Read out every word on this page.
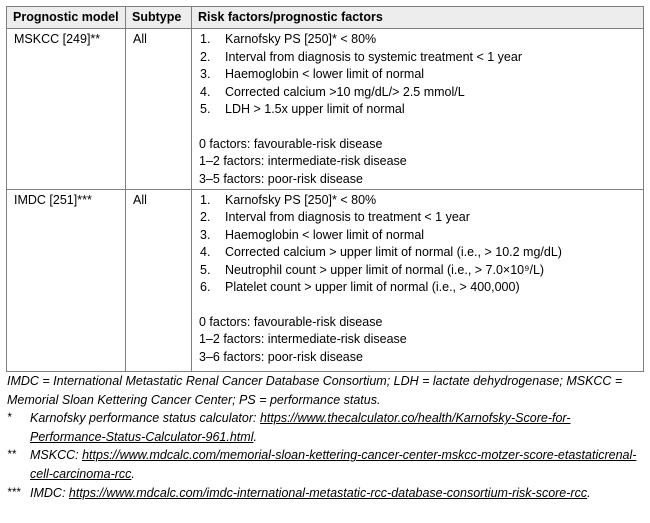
Prognostic model	Subtype	Risk factors/prognostic factors
MSKCC [249]**	All	Karnofsky PS [250]* < 80%
Interval from diagnosis to systemic treatment < 1 year
Haemoglobin < lower limit of normal
Corrected calcium >10 mg/dL/> 2.5 mmol/L
LDH > 1.5x upper limit of normal
0 factors: favourable-risk disease
1–2 factors: intermediate-risk disease
3–5 factors: poor-risk disease

IMDC [251]***	All	Karnofsky PS [250]* < 80%
Interval from diagnosis to treatment < 1 year
Haemoglobin < lower limit of normal
Corrected calcium > upper limit of normal (i.e., > 10.2 mg/dL)
Neutrophil count > upper limit of normal (i.e., > 7.0×10⁹/L)
Platelet count > upper limit of normal (i.e., > 400,000)
0 factors: favourable-risk disease
1–2 factors: intermediate-risk disease
3–6 factors: poor-risk disease

IMDC = International Metastatic Renal Cancer Database Consortium; LDH = lactate dehydrogenase; MSKCC = Memorial Sloan Kettering Cancer Center; PS = performance status.

*	Karnofsky performance status calculator: https://www.thecalculator.co/health/Karnofsky-Score-for-Performance-Status-Calculator-961.html.
**	MSKCC: https://www.mdcalc.com/memorial-sloan-kettering-cancer-center-mskcc-motzer-score-etastaticrenal-cell-carcinoma-rcc.
*** IMDC: https://www.mdcalc.com/imdc-international-metastatic-rcc-database-consortium-risk-score-rcc.
